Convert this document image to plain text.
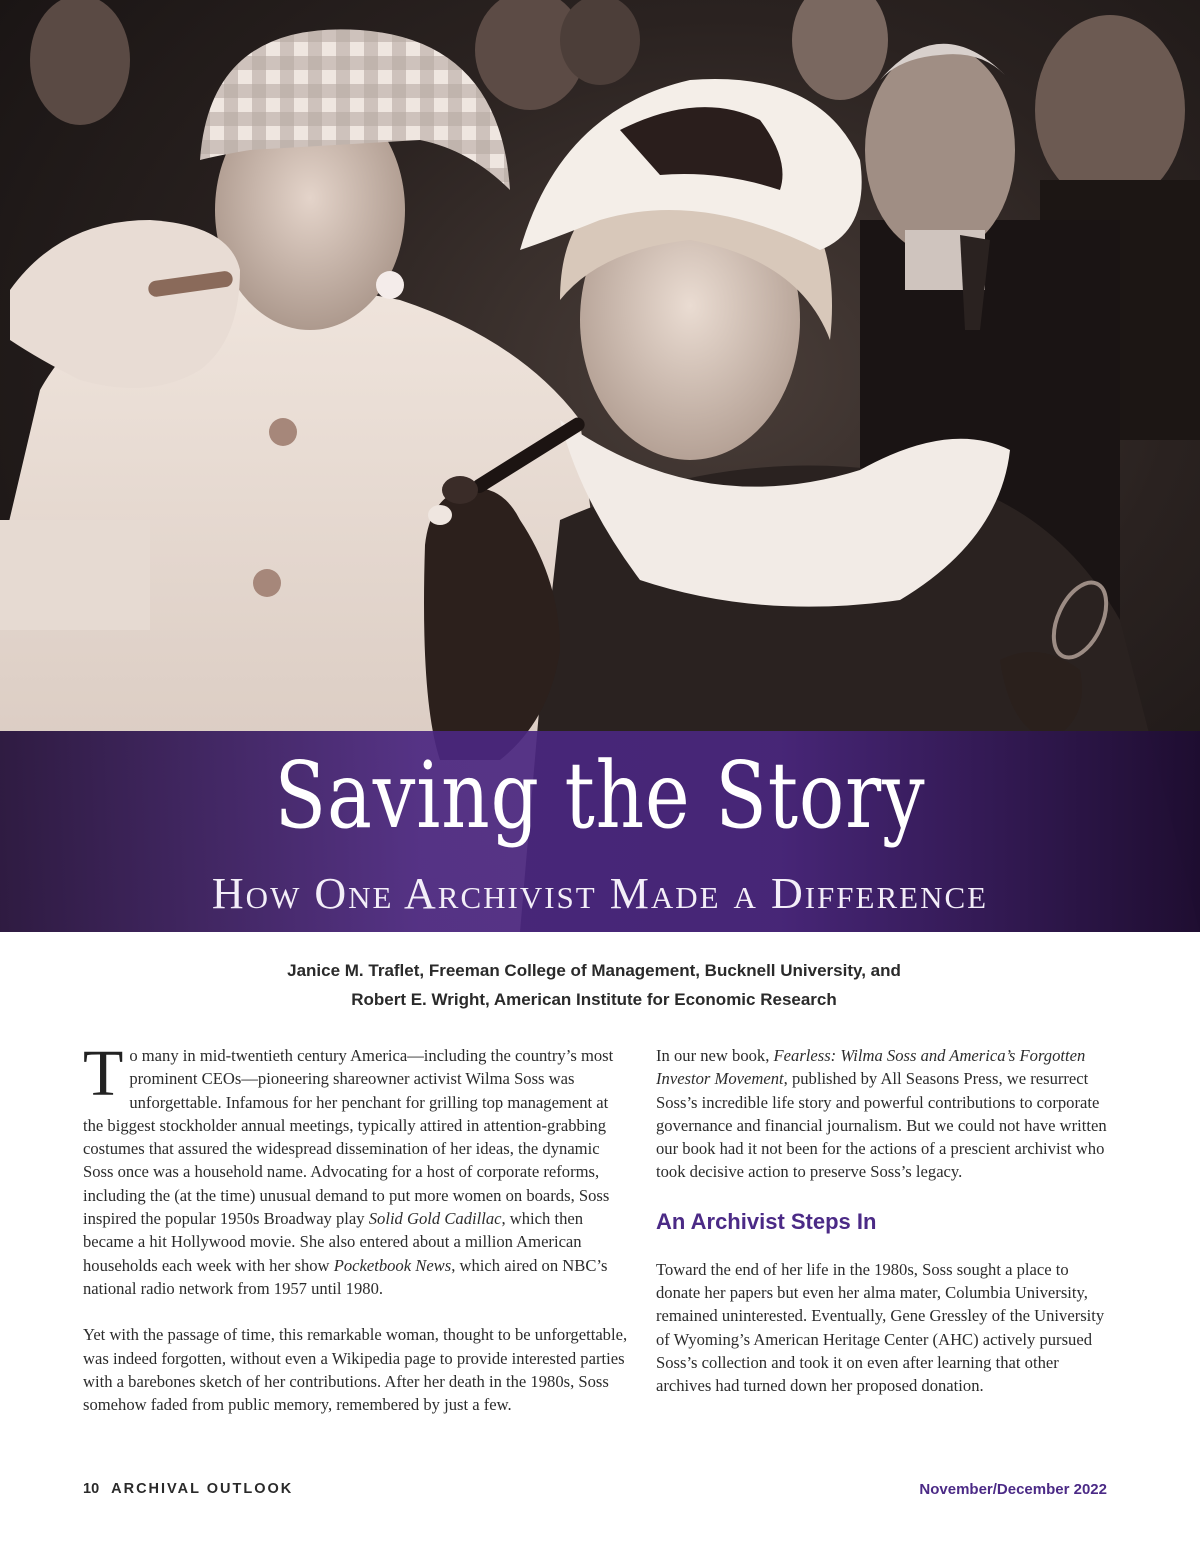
Saving the Story
How One Archivist Made a Difference
Janice M. Traflet, Freeman College of Management, Bucknell University, and
Robert E. Wright, American Institute for Economic Research

To many in mid-twentieth century America—including the country’s most prominent CEOs—pioneering shareowner activist Wilma Soss was unforgettable. Infamous for her penchant for grilling top management at the biggest stockholder annual meetings, typically attired in attention-grabbing costumes that assured the widespread dissemination of her ideas, the dynamic Soss once was a household name. Advocating for a host of corporate reforms, including the (at the time) unusual demand to put more women on boards, Soss inspired the popular 1950s Broadway play Solid Gold Cadillac, which then became a hit Hollywood movie. She also entered about a million American households each week with her show Pocketbook News, which aired on NBC’s national radio network from 1957 until 1980.

Yet with the passage of time, this remarkable woman, thought to be unforgettable, was indeed forgotten, without even a Wikipedia page to provide interested parties with a barebones sketch of her contributions. After her death in the 1980s, Soss somehow faded from public memory, remembered by just a few.

In our new book, Fearless: Wilma Soss and America’s Forgotten Investor Movement, published by All Seasons Press, we resurrect Soss’s incredible life story and powerful contributions to corporate governance and financial journalism. But we could not have written our book had it not been for the actions of a prescient archivist who took decisive action to preserve Soss’s legacy.

An Archivist Steps In

Toward the end of her life in the 1980s, Soss sought a place to donate her papers but even her alma mater, Columbia University, remained uninterested. Eventually, Gene Gressley of the University of Wyoming’s American Heritage Center (AHC) actively pursued Soss’s collection and took it on even after learning that other archives had turned down her proposed donation.

10 ARCHIVAL OUTLOOK	November/December 2022
